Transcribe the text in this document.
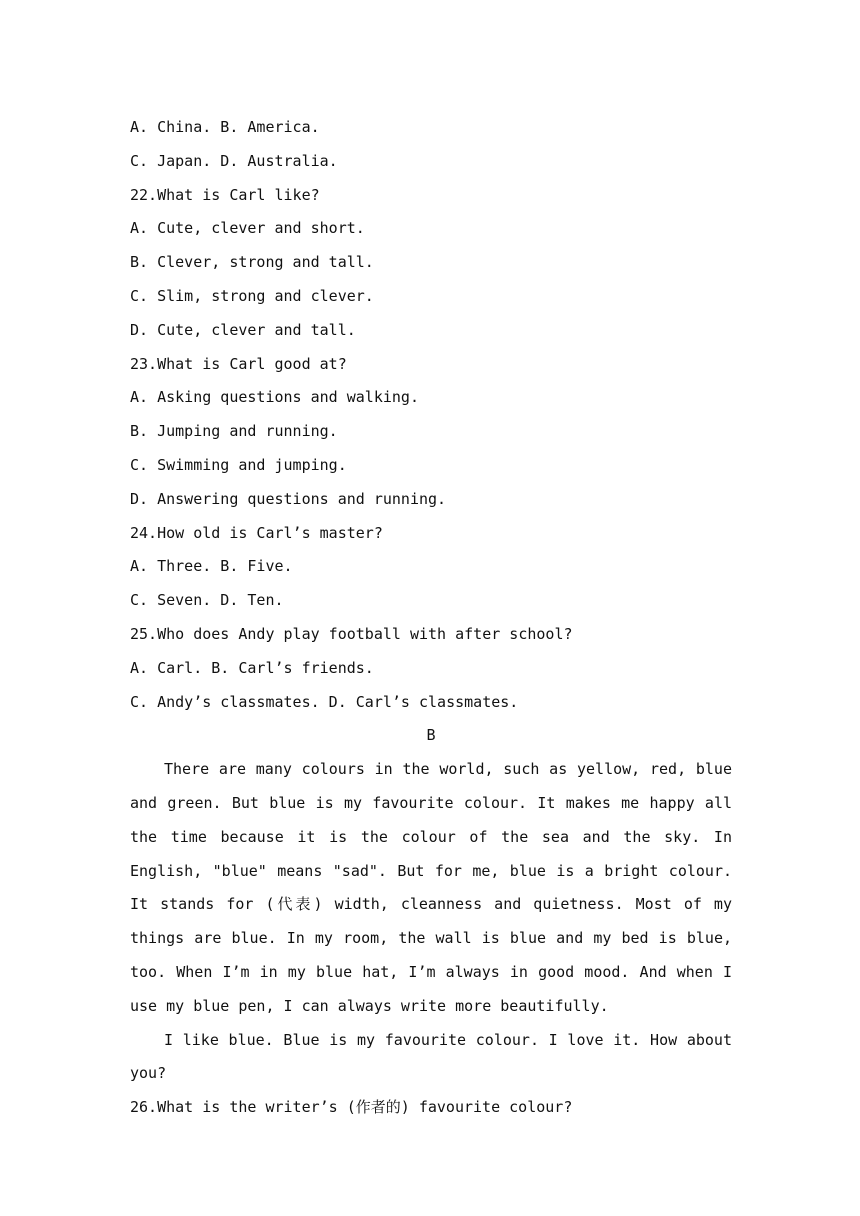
A. China. B. America.
C. Japan. D. Australia.
22.What is Carl like?
A. Cute, clever and short.
B. Clever, strong and tall.
C. Slim, strong and clever.
D. Cute, clever and tall.
23.What is Carl good at?
A. Asking questions and walking.
B. Jumping and running.
C. Swimming and jumping.
D. Answering questions and running.
24.How old is Carl’s master?
A. Three. B. Five.
C. Seven. D. Ten.
25.Who does Andy play football with after school?
A. Carl. B. Carl’s friends.
C. Andy’s classmates. D. Carl’s classmates.
B
There are many colours in the world, such as yellow, red, blue and green. But blue is my favourite colour. It makes me happy all the time because it is the colour of the sea and the sky. In English, "blue" means "sad". But for me, blue is a bright colour. It stands for (代表) width, cleanness and quietness. Most of my things are blue. In my room, the wall is blue and my bed is blue, too. When I’m in my blue hat, I’m always in good mood. And when I use my blue pen, I can always write more beautifully.
I like blue. Blue is my favourite colour. I love it. How about you?
26.What is the writer’s (作者的) favourite colour?
